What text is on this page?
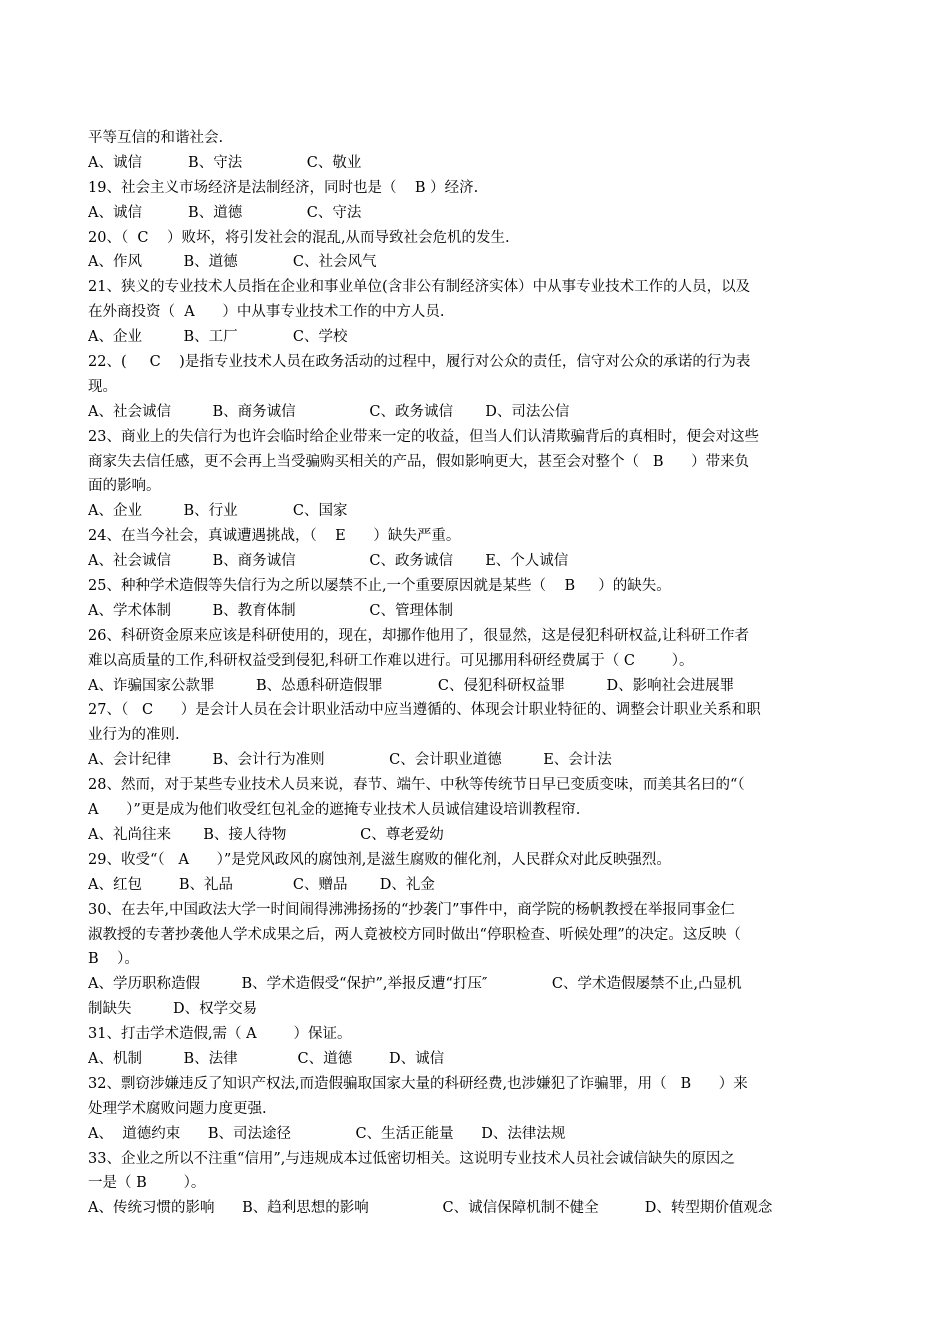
平等互信的和谐社会.
A、诚信          B、守法              C、敬业
19、社会主义市场经济是法制经济，同时也是（    B ）经济.
A、诚信          B、道德              C、守法
20、（  C    ）败坏，将引发社会的混乱,从而导致社会危机的发生.
A、作风         B、道德            C、社会风气
21、狭义的专业技术人员指在企业和事业单位(含非公有制经济实体）中从事专业技术工作的人员，以及
在外商投资（  A      ）中从事专业技术工作的中方人员.
A、企业         B、工厂            C、学校
22、(     C    )是指专业技术人员在政务活动的过程中，履行对公众的责任，信守对公众的承诺的行为表
现。
A、社会诚信         B、商务诚信                C、政务诚信       D、司法公信
23、商业上的失信行为也许会临时给企业带来一定的收益，但当人们认清欺骗背后的真相时，便会对这些
商家失去信任感，更不会再上当受骗购买相关的产品，假如影响更大，甚至会对整个（   B      ）带来负
面的影响。
A、企业         B、行业            C、国家
24、在当今社会，真诚遭遇挑战，（    E      ）缺失严重。
A、社会诚信         B、商务诚信                C、政务诚信       E、个人诚信
25、种种学术造假等失信行为之所以屡禁不止,一个重要原因就是某些（    B     ）的缺失。
A、学术体制         B、教育体制                C、管理体制
26、科研资金原来应该是科研使用的，现在，却挪作他用了，很显然，这是侵犯科研权益,让科研工作者
难以高质量的工作,科研权益受到侵犯,科研工作难以进行。可见挪用科研经费属于（ C        ）。
A、诈骗国家公款罪         B、怂恿科研造假罪            C、侵犯科研权益罪         D、影响社会进展罪
27、（   C      ）是会计人员在会计职业活动中应当遵循的、体现会计职业特征的、调整会计职业关系和职
业行为的准则.
A、会计纪律         B、会计行为准则              C、会计职业道德         E、会计法
28、然而，对于某些专业技术人员来说，春节、端午、中秋等传统节日早已变质变味，而美其名曰的“（
A      ）”更是成为他们收受红包礼金的遮掩专业技术人员诚信建设培训教程帘.
A、礼尚往来       B、接人待物                C、尊老爱幼
29、收受“（   A      ）”是党风政风的腐蚀剂,是滋生腐败的催化剂，人民群众对此反映强烈。
A、红包        B、礼品             C、赠品       D、礼金
30、在去年,中国政法大学一时间闹得沸沸扬扬的“抄袭门”事件中，商学院的杨帆教授在举报同事金仁
淑教授的专著抄袭他人学术成果之后，两人竟被校方同时做出“停职检查、听候处理”的决定。这反映（
B    ）。
A、学历职称造假         B、学术造假受“保护”,举报反遭“打压″              C、学术造假屡禁不止,凸显机
制缺失         D、权学交易
31、打击学术造假,需（ A        ）保证。
A、机制         B、法律             C、道德        D、诚信
32、剽窃涉嫌违反了知识产权法,而造假骗取国家大量的科研经费,也涉嫌犯了诈骗罪，用（   B      ）来
处理学术腐败问题力度更强.
A、  道德约束      B、司法途径              C、生活正能量      D、法律法规
33、企业之所以不注重“信用”,与违规成本过低密切相关。这说明专业技术人员社会诚信缺失的原因之
一是（ B        ）。
A、传统习惯的影响      B、趋利思想的影响                C、诚信保障机制不健全          D、转型期价值观念
